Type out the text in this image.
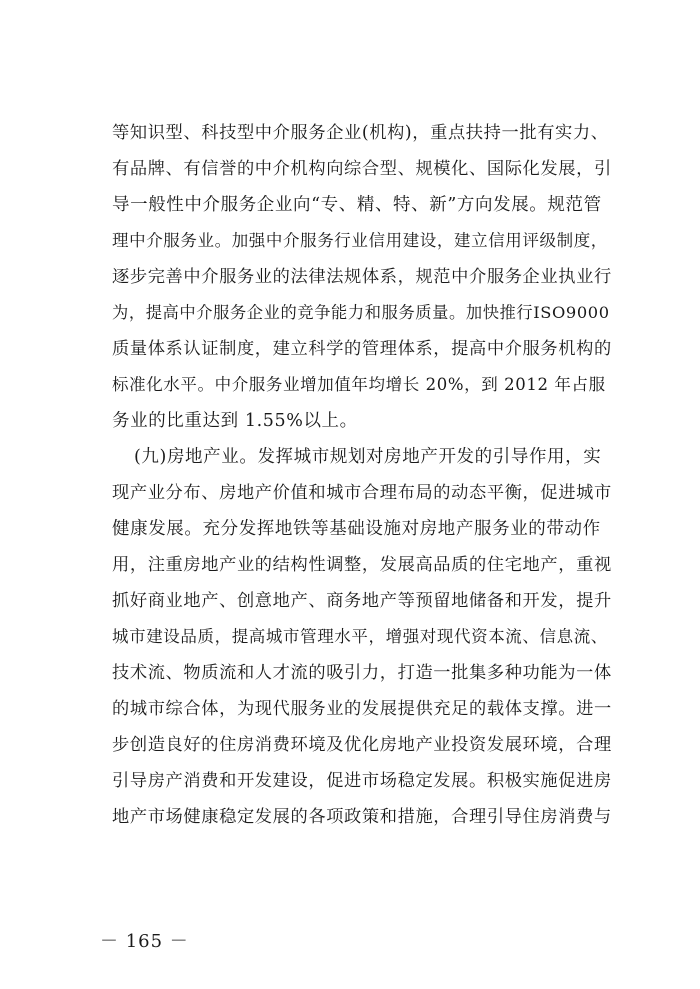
等知识型、科技型中介服务企业(机构)，重点扶持一批有实力、
有品牌、有信誉的中介机构向综合型、规模化、国际化发展，引
导一般性中介服务企业向“专、精、特、新”方向发展。规范管
理中介服务业。加强中介服务行业信用建设，建立信用评级制度，
逐步完善中介服务业的法律法规体系，规范中介服务企业执业行
为，提高中介服务企业的竞争能力和服务质量。加快推行ISO9000
质量体系认证制度，建立科学的管理体系，提高中介服务机构的
标准化水平。中介服务业增加值年均增长 20%，到 2012 年占服
务业的比重达到 1.55%以上。
(九)房地产业。发挥城市规划对房地产开发的引导作用，实
现产业分布、房地产价值和城市合理布局的动态平衡，促进城市
健康发展。充分发挥地铁等基础设施对房地产服务业的带动作
用，注重房地产业的结构性调整，发展高品质的住宅地产，重视
抓好商业地产、创意地产、商务地产等预留地储备和开发，提升
城市建设品质，提高城市管理水平，增强对现代资本流、信息流、
技术流、物质流和人才流的吸引力，打造一批集多种功能为一体
的城市综合体，为现代服务业的发展提供充足的载体支撑。进一
步创造良好的住房消费环境及优化房地产业投资发展环境，合理
引导房产消费和开发建设，促进市场稳定发展。积极实施促进房
地产市场健康稳定发展的各项政策和措施，合理引导住房消费与
－ 165 －
